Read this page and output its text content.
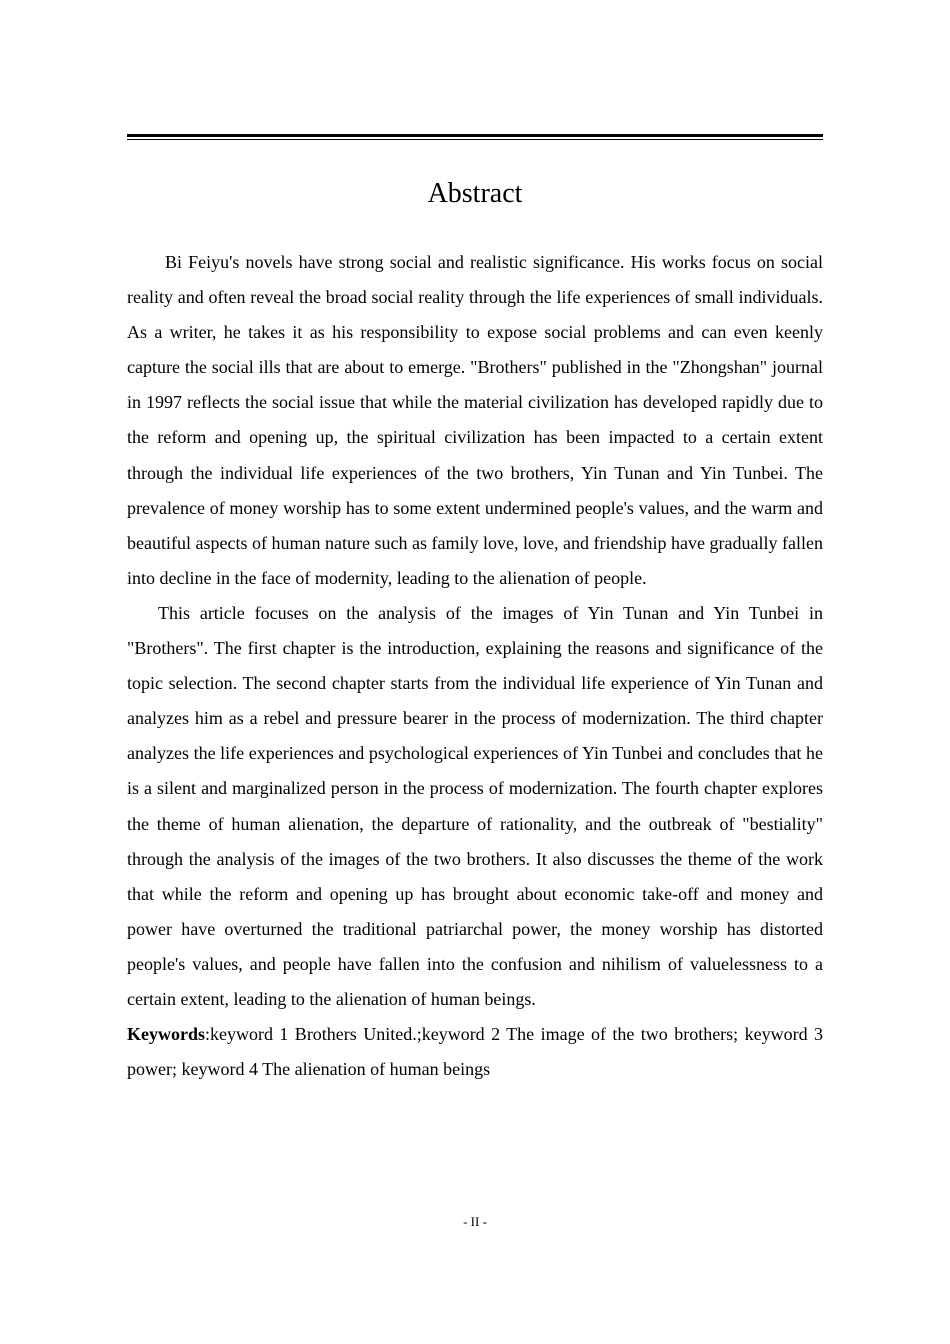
Abstract

Bi Feiyu's novels have strong social and realistic significance. His works focus on social reality and often reveal the broad social reality through the life experiences of small individuals. As a writer, he takes it as his responsibility to expose social problems and can even keenly capture the social ills that are about to emerge. "Brothers" published in the "Zhongshan" journal in 1997 reflects the social issue that while the material civilization has developed rapidly due to the reform and opening up, the spiritual civilization has been impacted to a certain extent through the individual life experiences of the two brothers, Yin Tunan and Yin Tunbei. The prevalence of money worship has to some extent undermined people's values, and the warm and beautiful aspects of human nature such as family love, love, and friendship have gradually fallen into decline in the face of modernity, leading to the alienation of people.

This article focuses on the analysis of the images of Yin Tunan and Yin Tunbei in "Brothers". The first chapter is the introduction, explaining the reasons and significance of the topic selection. The second chapter starts from the individual life experience of Yin Tunan and analyzes him as a rebel and pressure bearer in the process of modernization. The third chapter analyzes the life experiences and psychological experiences of Yin Tunbei and concludes that he is a silent and marginalized person in the process of modernization. The fourth chapter explores the theme of human alienation, the departure of rationality, and the outbreak of "bestiality" through the analysis of the images of the two brothers. It also discusses the theme of the work that while the reform and opening up has brought about economic take-off and money and power have overturned the traditional patriarchal power, the money worship has distorted people's values, and people have fallen into the confusion and nihilism of valuelessness to a certain extent, leading to the alienation of human beings.

Keywords:keyword 1 Brothers United.;keyword 2 The image of the two brothers; keyword 3 power; keyword 4 The alienation of human beings

- II -
